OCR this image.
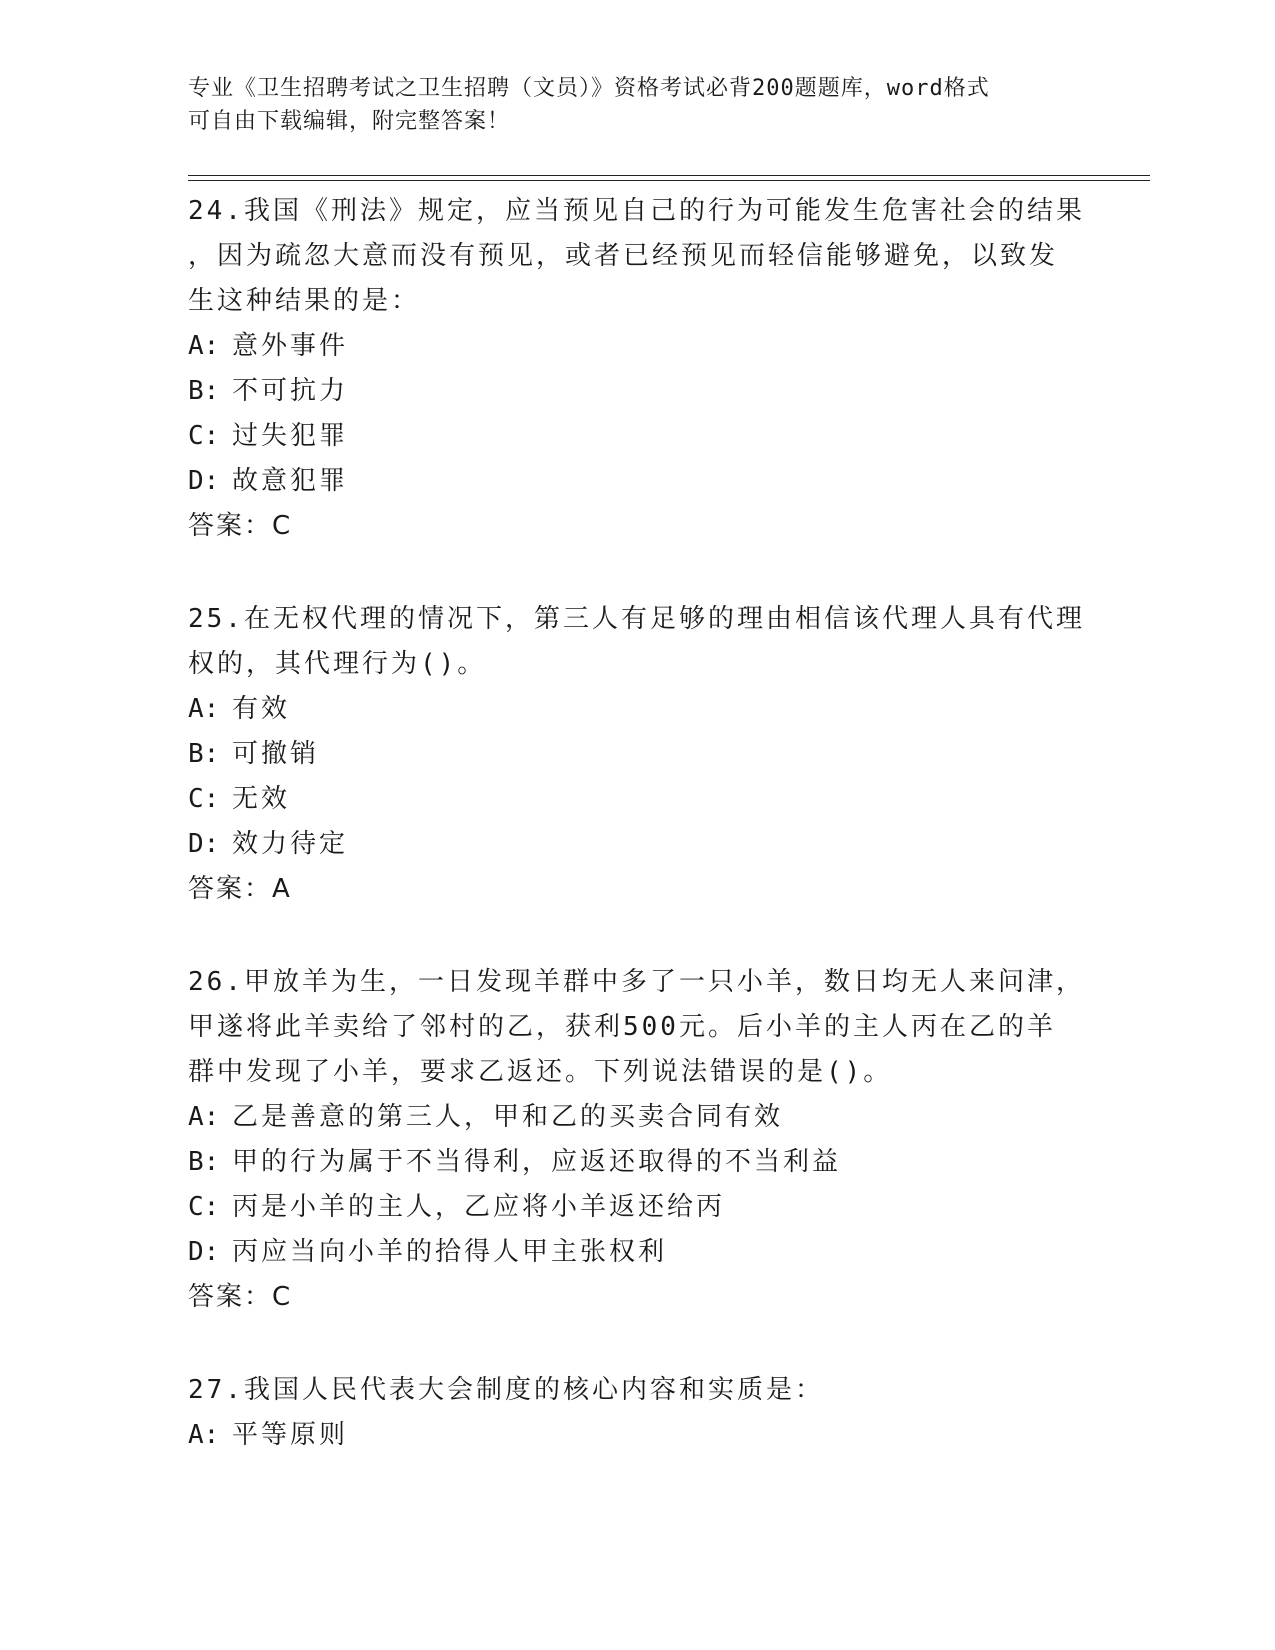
专业《卫生招聘考试之卫生招聘（文员）》资格考试必背200题题库，word格式
可自由下载编辑，附完整答案！

24.我国《刑法》规定，应当预见自己的行为可能发生危害社会的结果

，因为疏忽大意而没有预见，或者已经预见而轻信能够避免，以致发

生这种结果的是：

A: 意外事件

B: 不可抗力

C: 过失犯罪

D: 故意犯罪

答案：C

25.在无权代理的情况下，第三人有足够的理由相信该代理人具有代理

权的，其代理行为()。

A: 有效

B: 可撤销

C: 无效

D: 效力待定

答案：A

26.甲放羊为生，一日发现羊群中多了一只小羊，数日均无人来问津，

甲遂将此羊卖给了邻村的乙，获利500元。后小羊的主人丙在乙的羊

群中发现了小羊，要求乙返还。下列说法错误的是()。

A: 乙是善意的第三人，甲和乙的买卖合同有效

B: 甲的行为属于不当得利，应返还取得的不当利益

C: 丙是小羊的主人，乙应将小羊返还给丙

D: 丙应当向小羊的拾得人甲主张权利

答案：C

27.我国人民代表大会制度的核心内容和实质是：

A: 平等原则
